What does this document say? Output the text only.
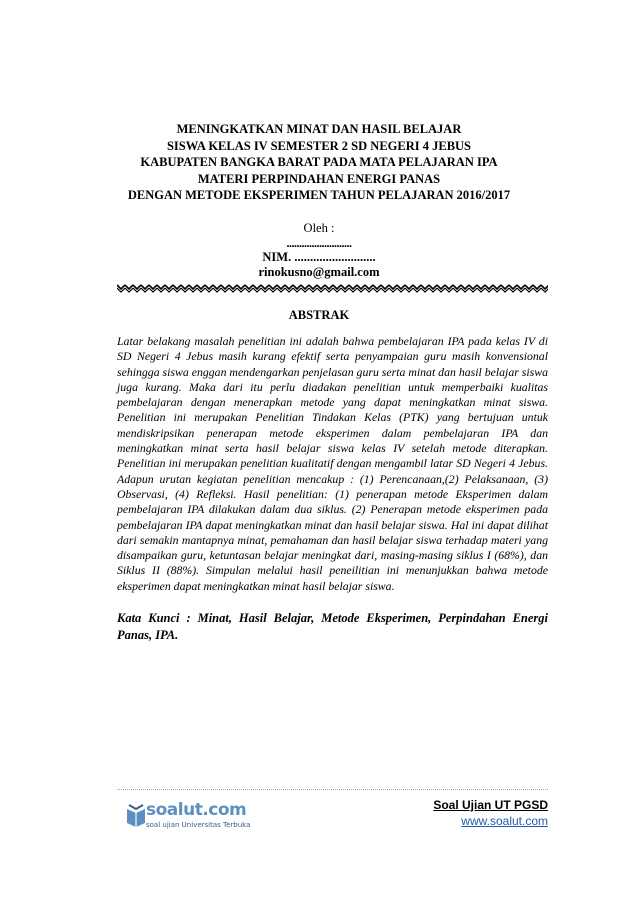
MENINGKATKAN MINAT DAN HASIL BELAJAR
SISWA KELAS IV SEMESTER 2 SD NEGERI 4 JEBUS
KABUPATEN BANGKA BARAT PADA MATA PELAJARAN IPA
MATERI PERPINDAHAN ENERGI PANAS
DENGAN METODE EKSPERIMEN TAHUN PELAJARAN 2016/2017
Oleh :
..........................
NIM. ..........................
rinokusno@gmail.com
ABSTRAK

Latar belakang masalah penelitian ini adalah bahwa pembelajaran IPA pada kelas IV di SD Negeri 4 Jebus masih kurang efektif serta penyampaian guru masih konvensional sehingga siswa enggan mendengarkan penjelasan guru serta minat dan hasil belajar siswa juga kurang. Maka dari itu perlu diadakan penelitian untuk memperbaiki kualitas pembelajaran dengan menerapkan metode yang dapat meningkatkan minat siswa. Penelitian ini merupakan Penelitian Tindakan Kelas (PTK) yang bertujuan untuk mendiskripsikan penerapan metode eksperimen dalam pembelajaran IPA dan meningkatkan minat serta hasil belajar siswa kelas IV setelah metode diterapkan. Penelitian ini merupakan penelitian kualitatif dengan mengambil latar SD Negeri 4 Jebus. Adapun urutan kegiatan penelitian mencakup : (1) Perencanaan,(2) Pelaksanaan, (3) Observasi, (4) Refleksi. Hasil penelitian: (1) penerapan metode Eksperimen dalam pembelajaran IPA dilakukan dalam dua siklus. (2) Penerapan metode eksperimen pada pembelajaran IPA dapat meningkatkan minat dan hasil belajar siswa. Hal ini dapat dilihat dari semakin mantapnya minat, pemahaman dan hasil belajar siswa terhadap materi yang disampaikan guru, ketuntasan belajar meningkat dari, masing-masing siklus I (68%), dan Siklus II (88%). Simpulan melalui hasil peneilitian ini menunjukkan bahwa metode eksperimen dapat meningkatkan minat hasil belajar siswa.

Kata Kunci : Minat, Hasil Belajar, Metode Eksperimen, Perpindahan Energi Panas, IPA.

soalut.com
soal ujian Universitas Terbuka
Soal Ujian UT PGSD
www.soalut.com
